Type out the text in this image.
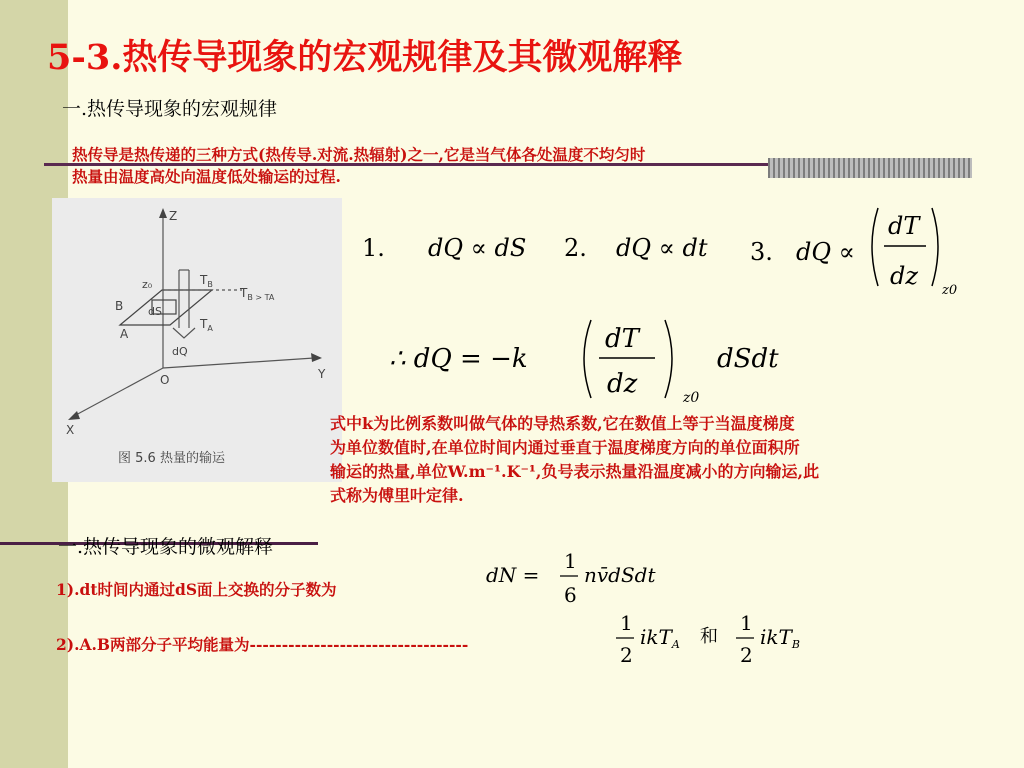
5-3.热传导现象的宏观规律及其微观解释
一.热传导现象的宏观规律
热传导是热传递的三种方式(热传导.对流.热辐射)之一,它是当气体各处温度不均匀时
热量由温度高处向温度低处输运的过程.
Z
Y
X
O
z₀	$T_B$
$T_{B > T}A$
$T_A$
B
A
dS
dQ
图 5.6 热量的输运
1. dQ ∝ dS 2. dQ ∝ dt 3. dQ ∝
dT
dz
z0
∴ dQ = −k
dT
dz	z0
dSdt
式中k为比例系数叫做气体的导热系数,它在数值上等于当温度梯度
为单位数值时,在单位时间内通过垂直于温度梯度方向的单位面积所
输运的热量,单位W.m⁻¹.K⁻¹,负号表示热量沿温度减小的方向输运,此
式称为傅里叶定律.
一.热传导现象的微观解释
1).dt时间内通过dS面上交换的分子数为
dN =
1
6
nv̄dSdt
2).A.B两部分子平均能量为----------------------------------
1
2
ikT$_A$ 和
1
2
ikT$_B$
